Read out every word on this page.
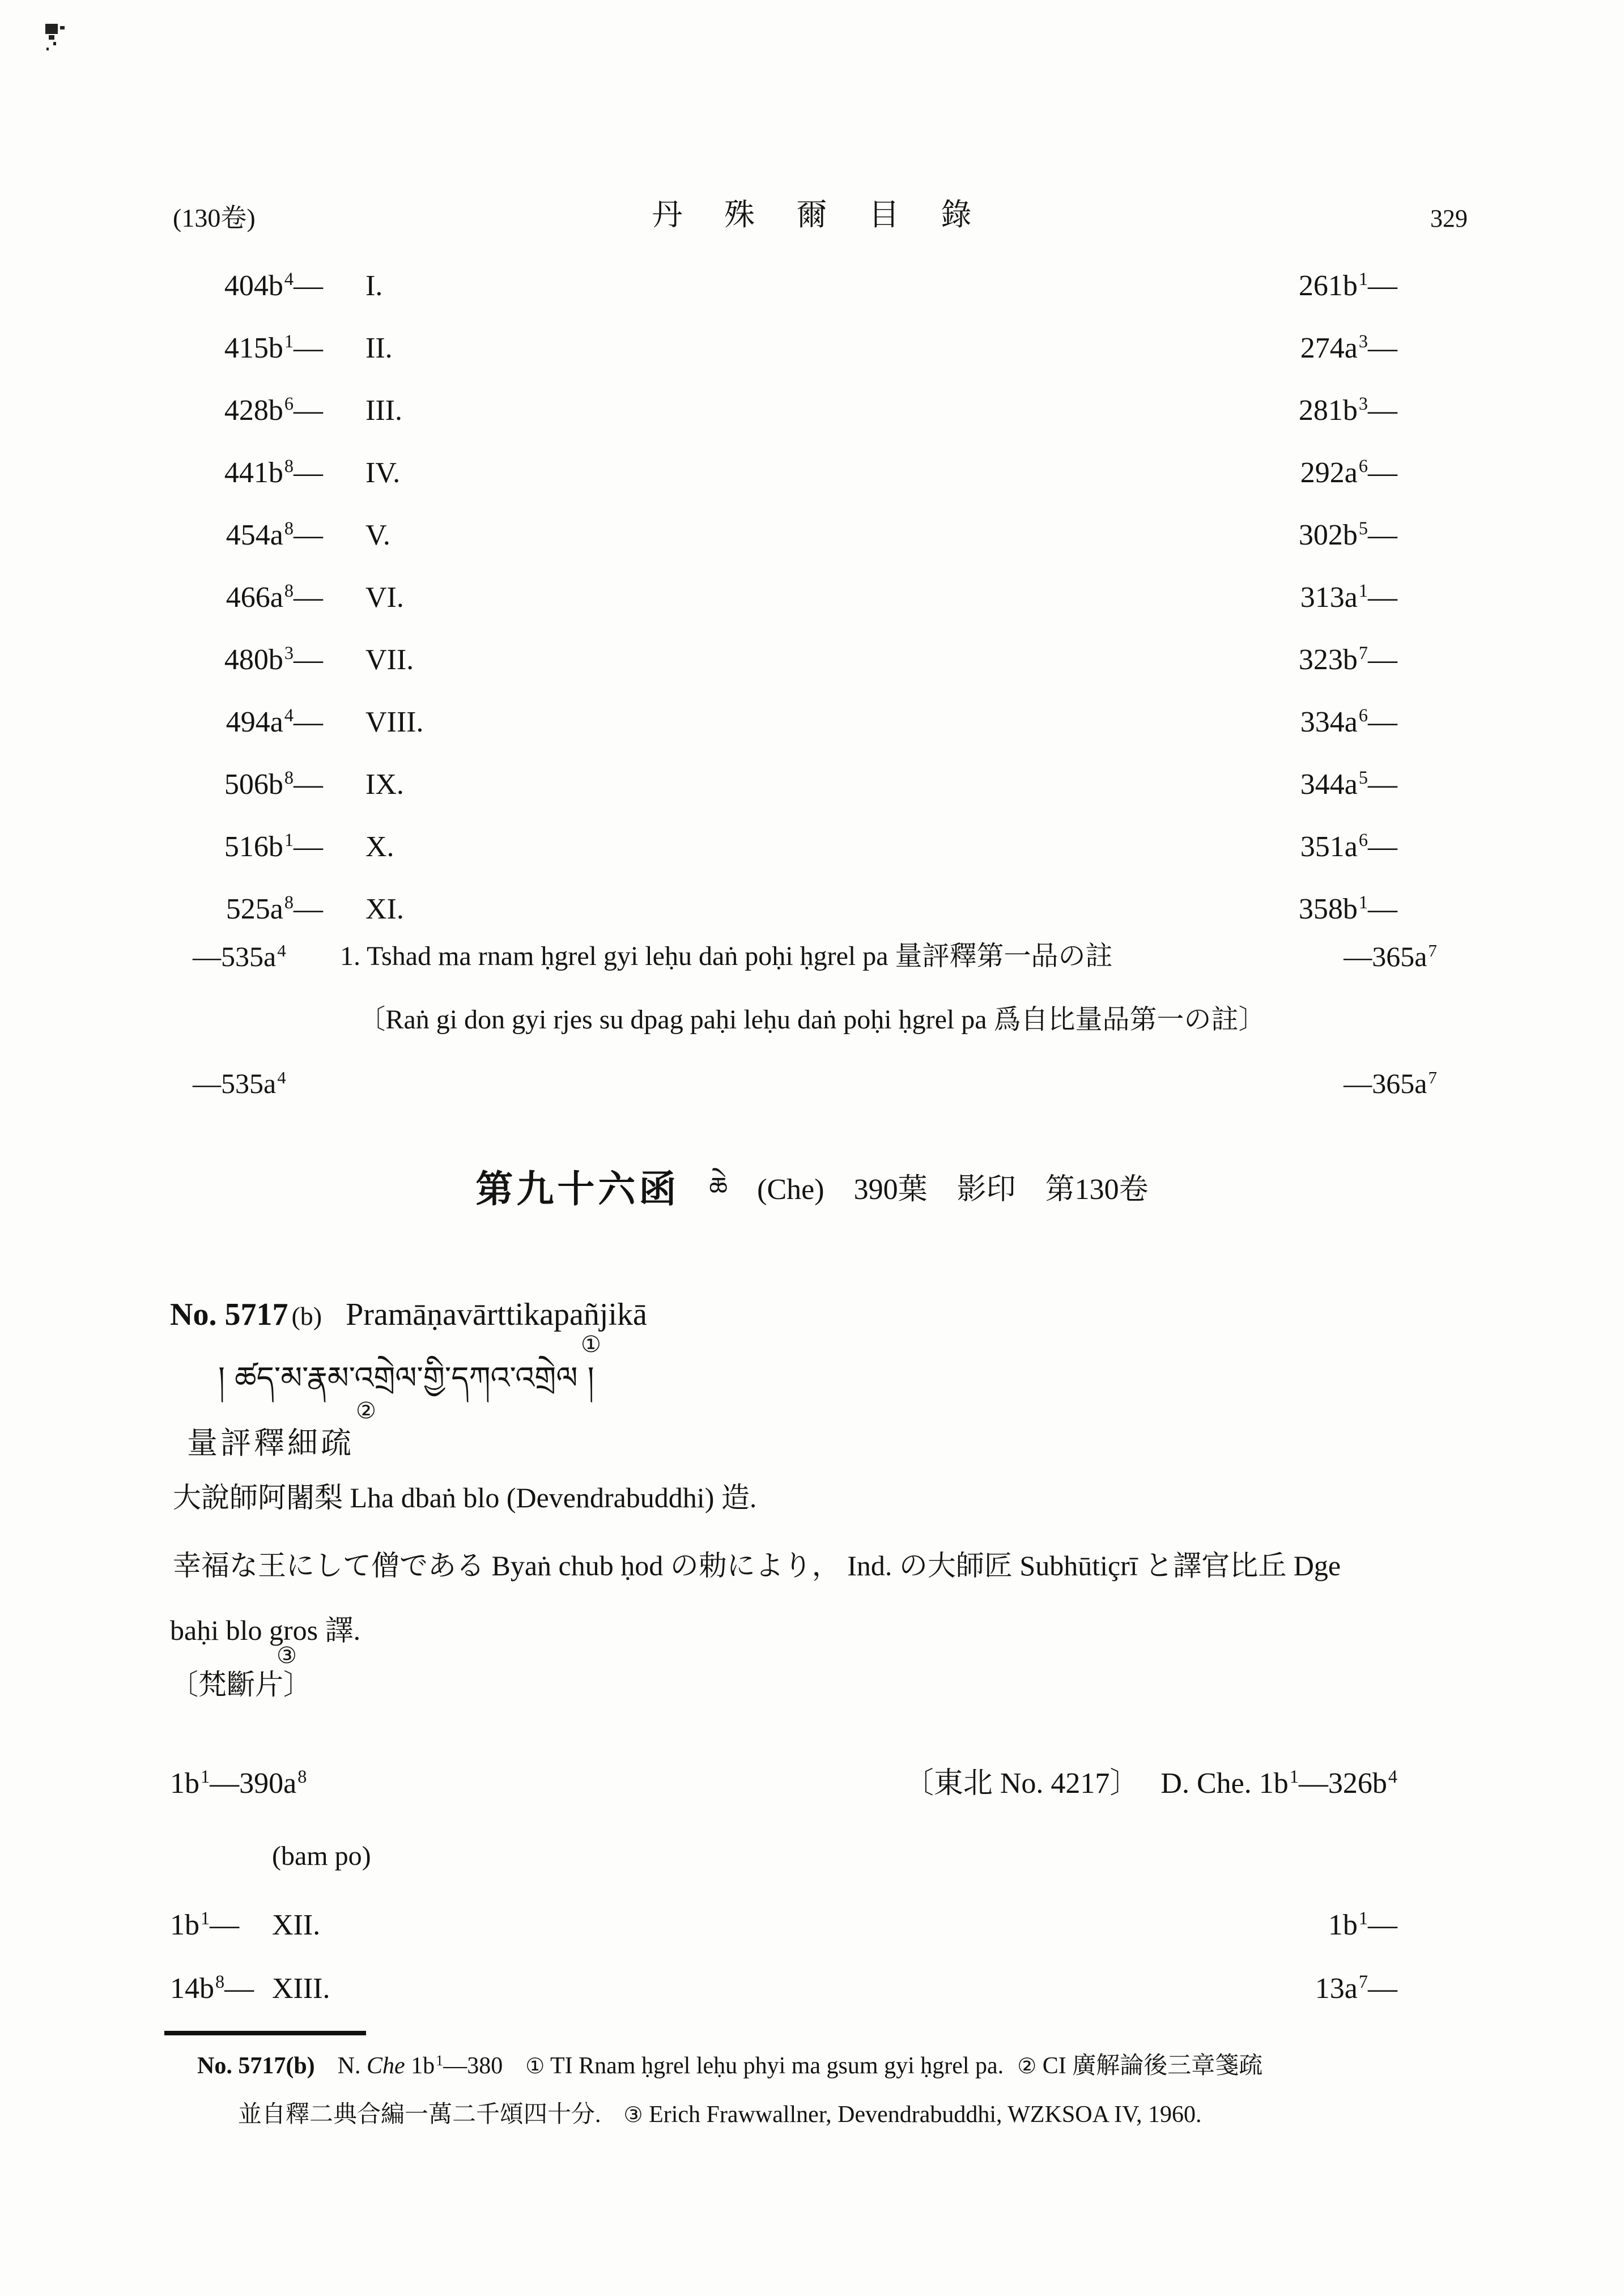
(130卷)	丹 殊 爾 目 錄	329
$404b^4—$ I.	$261b^1—$
$415b^1—$ II.	$274a^3—$
$428b^6—$ III.	$281b^3—$
$441b^8—$ IV.	$292a^6—$
$454a^8—$ V.	$302b^5—$
$466a^8—$ VI.	$313a^1—$
$480b^3—$ VII.	$323b^7—$
$494a^4—$ VIII.	$334a^6—$
$506b^8—$ IX.	$344a^5—$
$516b^1—$ X.	$351a^6—$
$525a^8—$ XI.	$358b^1—$
$—535a^4$	1. Tshad ma rnam ḥgrel gyi leḥu daṅ poḥi ḥgrel pa 量評釋第一品の註	$—365a^7$
〔Raṅ gi don gyi rjes su dpag paḥi leḥu daṅ poḥi ḥgrel pa 爲自比量品第一の註〕
$—535a^4$	$—365a^7$
第九十六函 ཆེ (Che) 390葉 影印 第130卷
No. 5717 (b) Pramāṇavārttikapañjikā
། ཚད་མ་རྣམ་འགྲེལ་གྱི་དཀའ་འགྲེལ །
①
量評釋細疏
②
大說師阿闍梨 Lha dbaṅ blo (Devendrabuddhi) 造.
幸福な王にして僧である Byaṅ chub ḥod の勅により， Ind. の大師匠 Subhūtiçrī と譯官比丘 Dge
baḥi blo gros 譯.
〔梵斷片〕
③
$1b^1—390a^8$	〔東北 No. 4217〕 D. Che. $1b^1—326b^4$
(bam po)
$1b^1—$	XII.	$1b^1—$
$14b^8—$ XIII.	$13a^7—$
No. 5717(b) N. Che $1b^1—380$ ① TI Rnam ḥgrel leḥu phyi ma gsum gyi ḥgrel pa. ② CI 廣解論後三章箋疏
並自釋二典合編一萬二千頌四十分. ③ Erich Frawwallner, Devendrabuddhi, WZKSOA IV, 1960.
